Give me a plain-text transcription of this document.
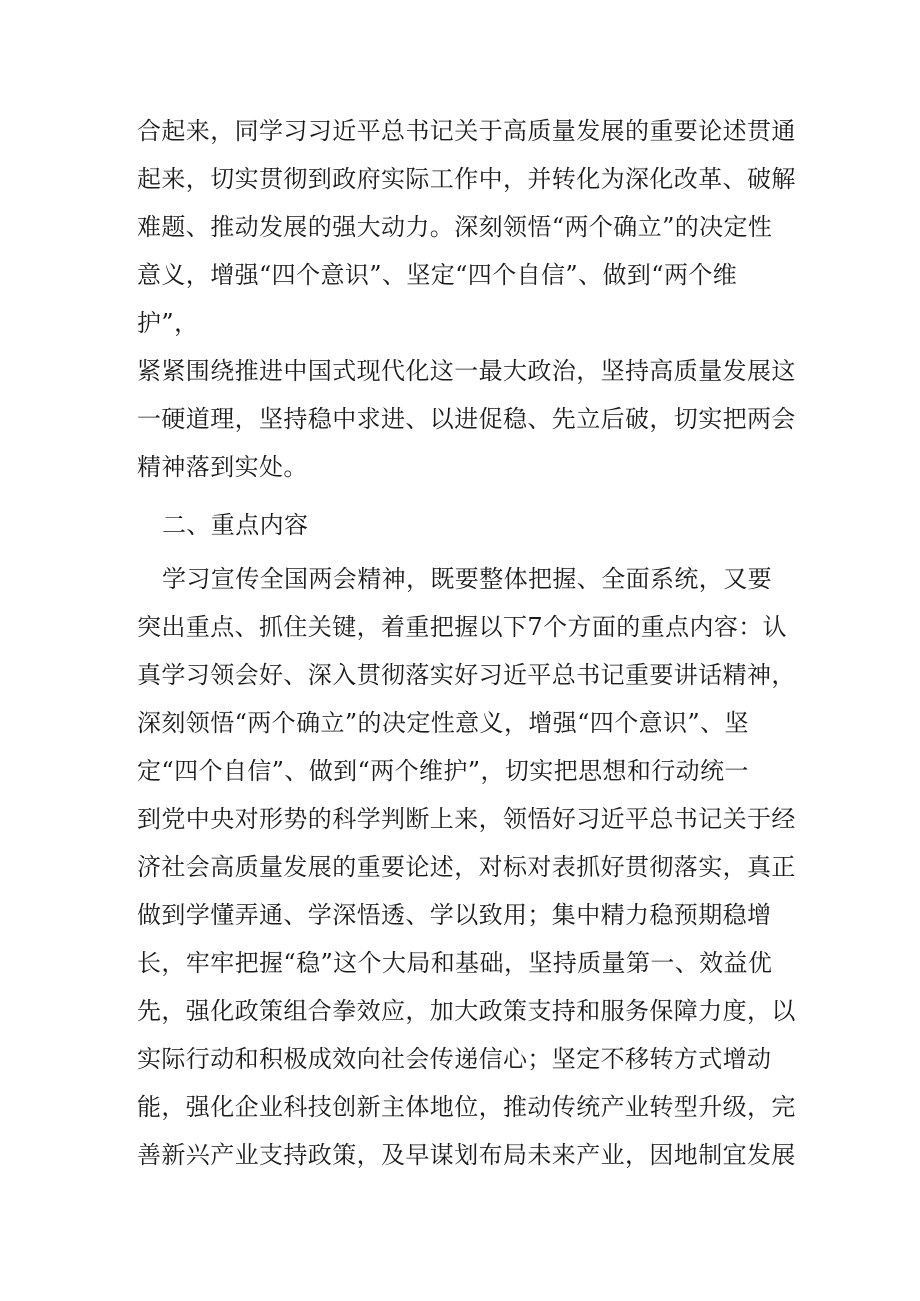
合起来，同学习习近平总书记关于高质量发展的重要论述贯通
起来，切实贯彻到政府实际工作中，并转化为深化改革、破解
难题、推动发展的强大动力。深刻领悟“两个确立”的决定性
意义，增强“四个意识”、坚定“四个自信”、做到“两个维
护”，
紧紧围绕推进中国式现代化这一最大政治，坚持高质量发展这
一硬道理，坚持稳中求进、以进促稳、先立后破，切实把两会
精神落到实处。
二、重点内容
学习宣传全国两会精神，既要整体把握、全面系统，又要
突出重点、抓住关键，着重把握以下7个方面的重点内容：认
真学习领会好、深入贯彻落实好习近平总书记重要讲话精神，
深刻领悟“两个确立”的决定性意义，增强“四个意识”、坚
定“四个自信”、做到“两个维护”，切实把思想和行动统一
到党中央对形势的科学判断上来，领悟好习近平总书记关于经
济社会高质量发展的重要论述，对标对表抓好贯彻落实，真正
做到学懂弄通、学深悟透、学以致用；集中精力稳预期稳增
长，牢牢把握“稳”这个大局和基础，坚持质量第一、效益优
先，强化政策组合拳效应，加大政策支持和服务保障力度，以
实际行动和积极成效向社会传递信心；坚定不移转方式增动
能，强化企业科技创新主体地位，推动传统产业转型升级，完
善新兴产业支持政策，及早谋划布局未来产业，因地制宜发展
